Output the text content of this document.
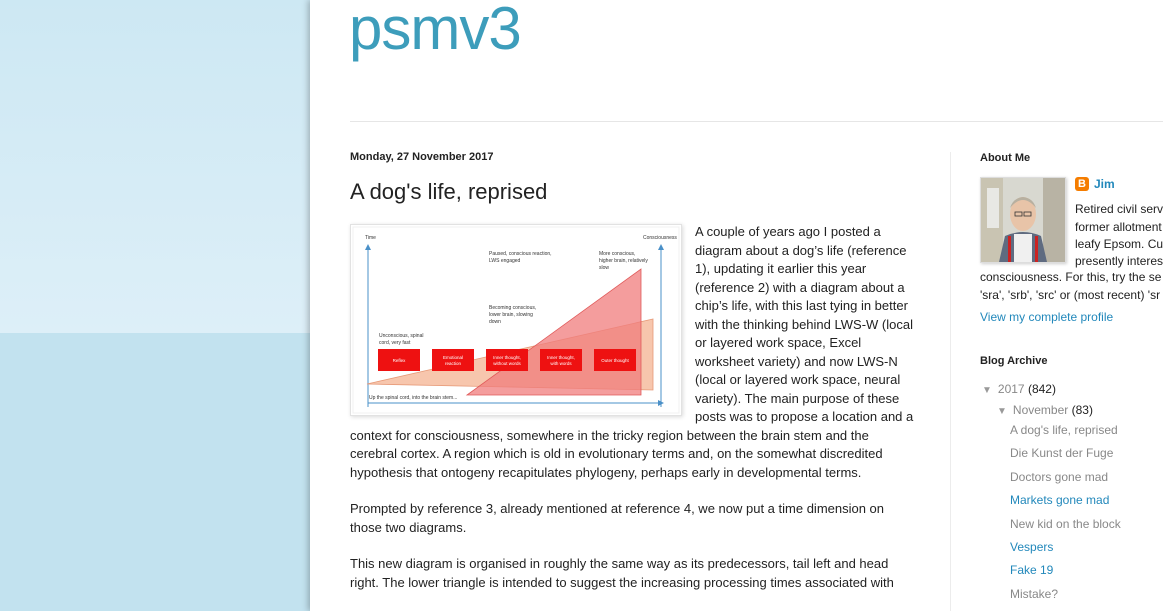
psmv3
Monday, 27 November 2017
A dog's life, reprised
Time	Consciousness
Paused, conscious reaction,
LWS engaged
More conscious,
higher brain, relatively
slow
Becoming conscious,
lower brain, slowing
down
Unconscious, spinal
cord, very fast
Reflex
Emotional
reaction
Inner thought,
without words
Inner thought,
with words
Outer thought
Up the spinal cord, into the brain stem...

A couple of years ago I posted a diagram about a dog’s life (reference 1), updating it earlier this year (reference 2) with a diagram about a chip’s life, with this last tying in better with the thinking behind LWS-W (local or layered work space, Excel worksheet variety) and now LWS-N (local or layered work space, neural variety). The main purpose of these posts was to propose a location and a context for consciousness, somewhere in the tricky region between the brain stem and the cerebral cortex. A region which is old in evolutionary terms and, on the somewhat discredited hypothesis that ontogeny recapitulates phylogeny, perhaps early in developmental terms.

Prompted by reference 3, already mentioned at reference 4, we now put a time dimension on those two diagrams.

This new diagram is organised in roughly the same way as its predecessors, tail left and head right. The lower triangle is intended to suggest the increasing processing times associated with

About Me
B Jim
Retired civil serv
former allotment
leafy Epsom. Cu
presently interes
consciousness. For this, try the se
'sra', 'srb', 'src' or (most recent) 'sr
View my complete profile
Blog Archive
▼ 2017 (842)
▼ November (83)
A dog's life, reprised
Die Kunst der Fuge
Doctors gone mad
Markets gone mad
New kid on the block
Vespers
Fake 19
Mistake?
